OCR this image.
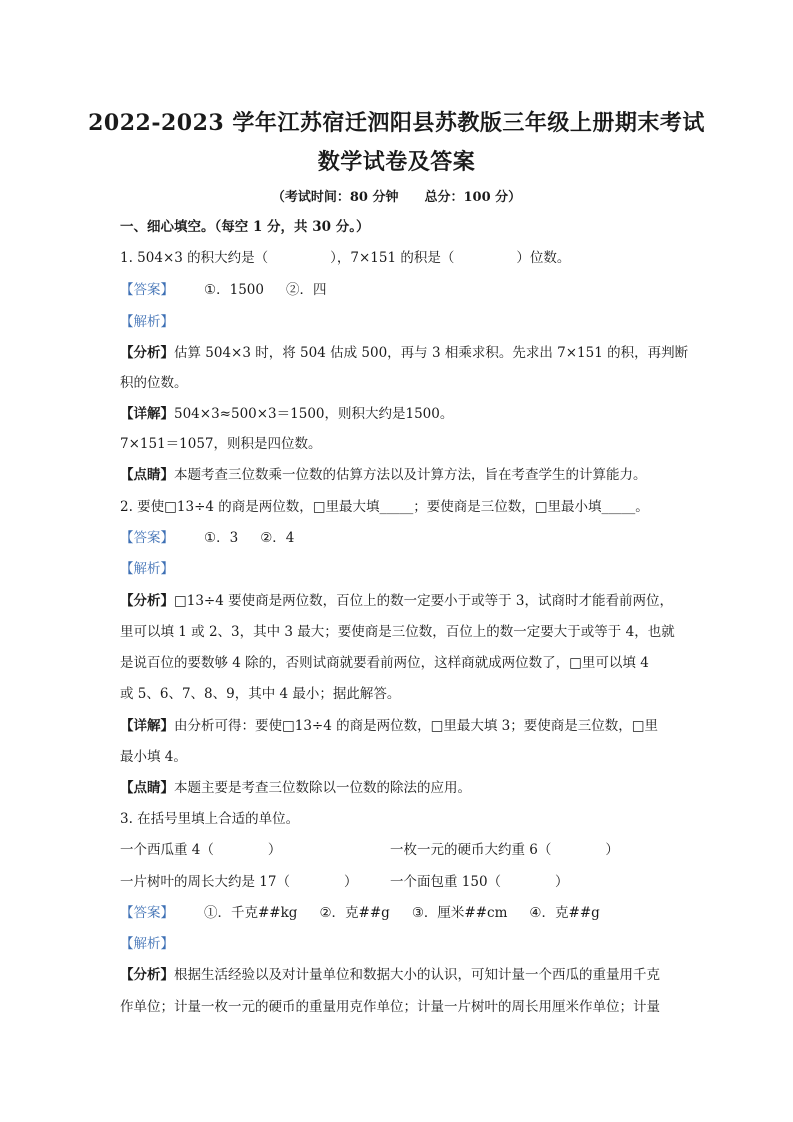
2022-2023 学年江苏宿迁泗阳县苏教版三年级上册期末考试
数学试卷及答案
（考试时间：80 分钟　　总分：100 分）
一、细心填空。（每空 1 分，共 30 分。）
1. 504×3 的积大约是（	），7×151 的积是（	）位数。
【答案】 ①．1500 ②．四
【解析】
【分析】估算 504×3 时，将 504 估成 500，再与 3 相乘求积。先求出 7×151 的积，再判断
积的位数。
【详解】504×3≈500×3＝1500，则积大约是1500。
7×151＝1057，则积是四位数。
【点睛】本题考查三位数乘一位数的估算方法以及计算方法，旨在考查学生的计算能力。
2. 要使□13÷4 的商是两位数，□里最大填_____；要使商是三位数，□里最小填_____。
【答案】 ①．3 ②．4
【解析】
【分析】□13÷4 要使商是两位数，百位上的数一定要小于或等于 3，试商时才能看前两位，
里可以填 1 或 2、3，其中 3 最大；要使商是三位数，百位上的数一定要大于或等于 4，也就
是说百位的要数够 4 除的，否则试商就要看前两位，这样商就成两位数了，□里可以填 4
或 5、6、7、8、9，其中 4 最小；据此解答。
【详解】由分析可得：要使□13÷4 的商是两位数，□里最大填 3；要使商是三位数，□里
最小填 4。
【点睛】本题主要是考查三位数除以一位数的除法的应用。
3. 在括号里填上合适的单位。
一个西瓜重 4（　　　　）	一枚一元的硬币大约重 6（　　　　）
一片树叶的周长大约是 17（　　　　） 一个面包重 150（　　　　）
【答案】 ①．千克##kg ②．克##g ③．厘米##cm ④．克##g
【解析】
【分析】根据生活经验以及对计量单位和数据大小的认识，可知计量一个西瓜的重量用千克
作单位；计量一枚一元的硬币的重量用克作单位；计量一片树叶的周长用厘米作单位；计量
